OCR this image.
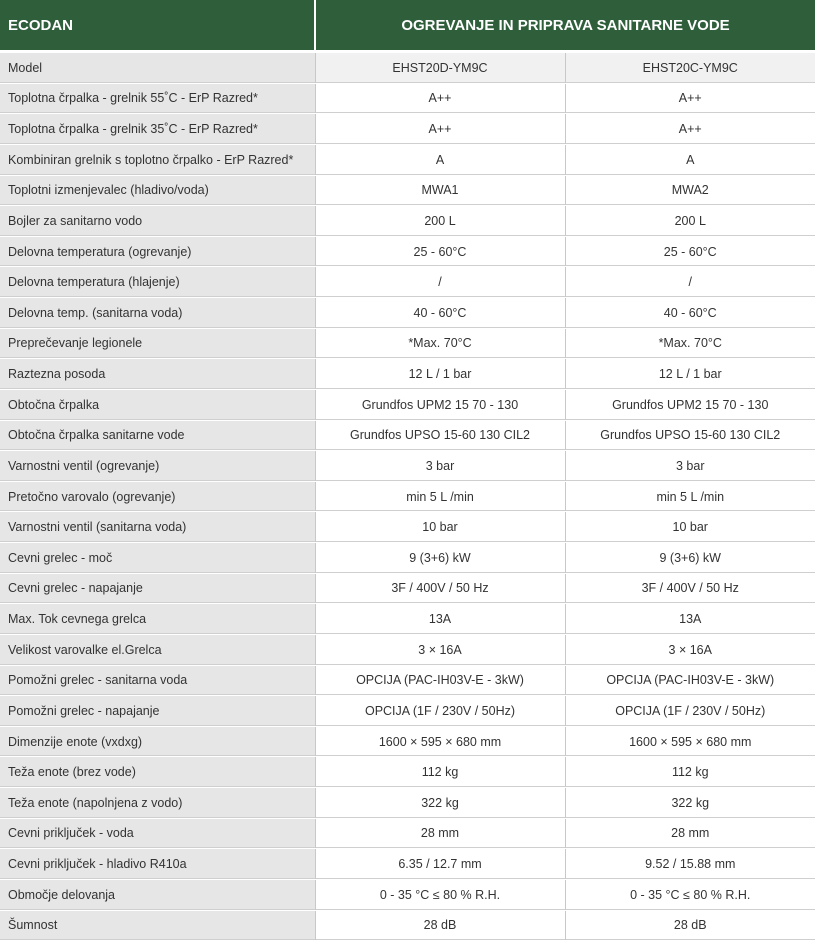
ECODAN	OGREVANJE IN PRIPRAVA SANITARNE VODE	
Model	EHST20D-YM9C	EHST20C-YM9C
Toplotna črpalka - grelnik 55˚C - ErP Razred*	A++	A++
Toplotna črpalka - grelnik 35˚C - ErP Razred*	A++	A++
Kombiniran grelnik s toplotno črpalko - ErP Razred*	A	A
Toplotni izmenjevalec (hladivo/voda)	MWA1	MWA2
Bojler za sanitarno vodo	200 L	200 L
Delovna temperatura (ogrevanje)	25 - 60°C	25 - 60°C
Delovna temperatura (hlajenje)	/	/
Delovna temp. (sanitarna voda)	40 - 60°C	40 - 60°C
Preprečevanje legionele	*Max. 70°C	*Max. 70°C
Raztezna posoda	12 L / 1 bar	12 L / 1 bar
Obtočna črpalka	Grundfos UPM2 15 70 - 130	Grundfos UPM2 15 70 - 130
Obtočna črpalka sanitarne vode	Grundfos UPSO 15-60 130 CIL2	Grundfos UPSO 15-60 130 CIL2
Varnostni ventil (ogrevanje)	3 bar	3 bar
Pretočno varovalo (ogrevanje)	min 5 L /min	min 5 L /min
Varnostni ventil (sanitarna voda)	10 bar	10 bar
Cevni grelec - moč	9 (3+6) kW	9 (3+6) kW
Cevni grelec - napajanje	3F / 400V / 50 Hz	3F / 400V / 50 Hz
Max. Tok cevnega grelca	13A	13A
Velikost varovalke el.Grelca	3 × 16A	3 × 16A
Pomožni grelec - sanitarna voda	OPCIJA (PAC-IH03V-E - 3kW)	OPCIJA (PAC-IH03V-E - 3kW)
Pomožni grelec - napajanje	OPCIJA (1F / 230V / 50Hz)	OPCIJA (1F / 230V / 50Hz)
Dimenzije enote (vxdxg)	1600 × 595 × 680 mm	1600 × 595 × 680 mm
Teža enote (brez vode)	112 kg	112 kg
Teža enote (napolnjena z vodo)	322 kg	322 kg
Cevni priključek - voda	28 mm	28 mm
Cevni priključek - hladivo R410a	6.35 / 12.7 mm	9.52 / 15.88 mm
Območje delovanja	0 - 35 °C ≤ 80 % R.H.	0 - 35 °C ≤ 80 % R.H.
Šumnost	28 dB	28 dB
